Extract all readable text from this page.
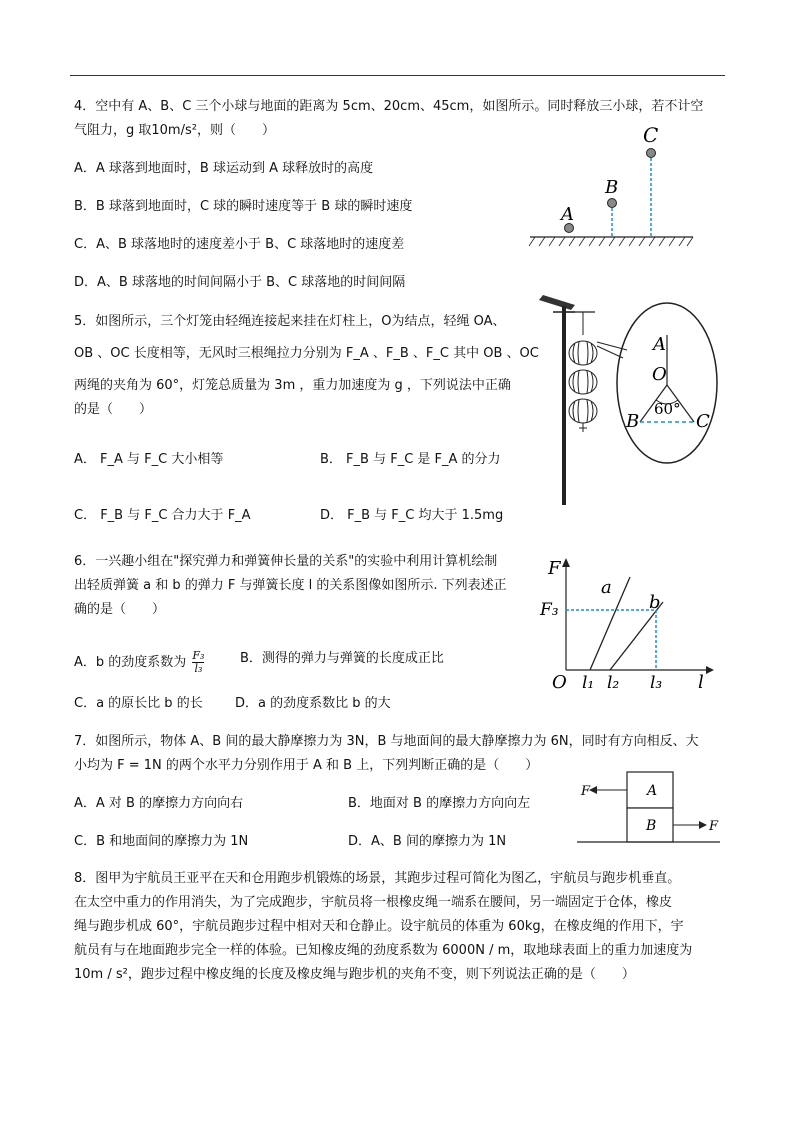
4．空中有 A、B、C 三个小球与地面的距离为 5cm、20cm、45cm，如图所示。同时释放三小球，若不计空
气阻力，g 取10m/s²，则（　　）
A．A 球落到地面时，B 球运动到 A 球释放时的高度
B．B 球落到地面时，C 球的瞬时速度等于 B 球的瞬时速度
C．A、B 球落地时的速度差小于 B、C 球落地时的速度差
D．A、B 球落地的时间间隔小于 B、C 球落地的时间间隔
A
B
C
5．如图所示，三个灯笼由轻绳连接起来挂在灯柱上，O为结点，轻绳 OA、
OB 、OC 长度相等，无风时三根绳拉力分别为 F_A 、F_B 、F_C 其中 OB 、OC
两绳的夹角为 60°，灯笼总质量为 3m ，重力加速度为 g ，下列说法中正确
的是（　　）
A． F_A 与 F_C 大小相等	B． F_B 与 F_C 是 F_A 的分力
C． F_B 与 F_C 合力大于 F_A	D． F_B 与 F_C 均大于 1.5mg
A
O
60°
B	C
6．一兴趣小组在"探究弹力和弹簧伸长量的关系"的实验中利用计算机绘制
出轻质弹簧 a 和 b 的弹力 F 与弹簧长度 l 的关系图像如图所示. 下列表述正
确的是（　　）
A．b 的劲度系数为 $\frac{\text{F₃}}{\text{l₃}}$	B．测得的弹力与弹簧的长度成正比
C．a 的原长比 b 的长 D．a 的劲度系数比 b 的大
F
F₃
a
b
O l₁ l₂ l₃ l
7．如图所示，物体 A、B 间的最大静摩擦力为 3N，B 与地面间的最大静摩擦力为 6N，同时有方向相反、大
小均为 F = 1N 的两个水平力分别作用于 A 和 B 上，下列判断正确的是（　　）
A．A 对 B 的摩擦力方向向右	B．地面对 B 的摩擦力方向向左
C．B 和地面间的摩擦力为 1N	D．A、B 间的摩擦力为 1N
A
B
F
F
8．图甲为宇航员王亚平在天和仓用跑步机锻炼的场景，其跑步过程可简化为图乙，宇航员与跑步机垂直。
在太空中重力的作用消失，为了完成跑步，宇航员将一根橡皮绳一端系在腰间，另一端固定于仓体，橡皮
绳与跑步机成 60°，宇航员跑步过程中相对天和仓静止。设宇航员的体重为 60kg，在橡皮绳的作用下，宇
航员有与在地面跑步完全一样的体验。已知橡皮绳的劲度系数为 6000N / m，取地球表面上的重力加速度为
10m / s²，跑步过程中橡皮绳的长度及橡皮绳与跑步机的夹角不变，则下列说法正确的是（　　）
